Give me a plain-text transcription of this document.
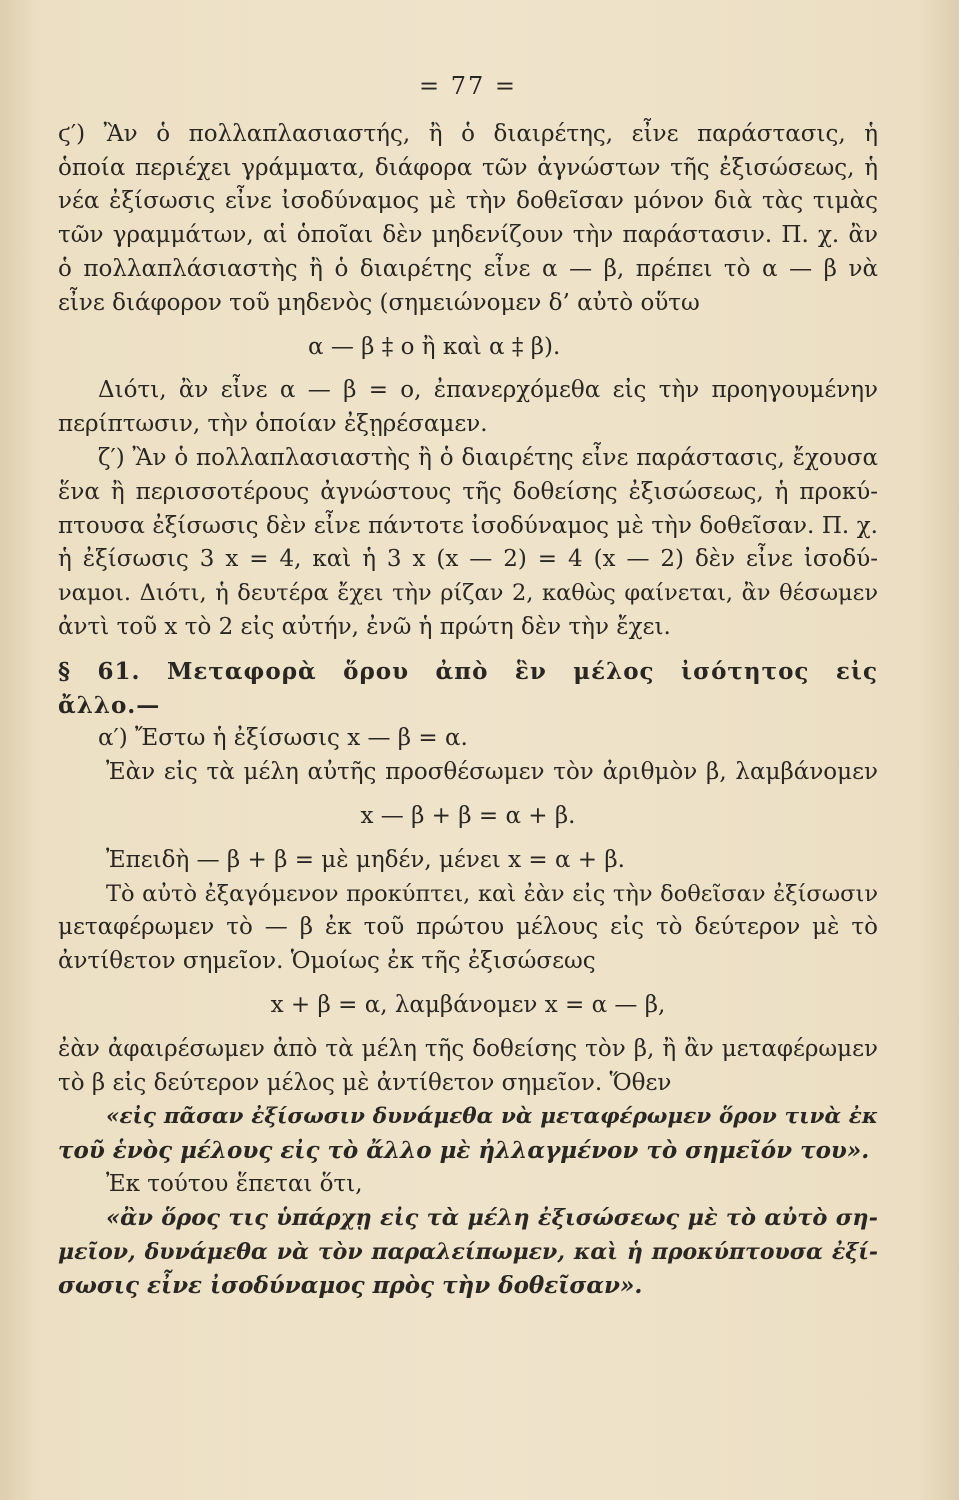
= 77 =
ϛ′) Ἂν ὁ πολλαπλασιαστής, ἢ ὁ διαιρέτης, εἶνε παράστασις, ἡ
ὁποία περιέχει γράμματα, διάφορα τῶν ἀγνώστων τῆς ἐξισώσεως, ἡ
νέα ἐξίσωσις εἶνε ἰσοδύναμος μὲ τὴν δοθεῖσαν μόνον διὰ τὰς τιμὰς
τῶν γραμμάτων, αἱ ὁποῖαι δὲν μηδενίζουν τὴν παράστασιν. Π. χ. ἂν
ὁ πολλαπλάσιαστὴς ἢ ὁ διαιρέτης εἶνε α — β, πρέπει τὸ α — β νὰ
εἶνε διάφορον τοῦ μηδενὸς (σημειώνομεν δ’ αὐτὸ οὕτω
α — β ‡ ο ἢ καὶ α ‡ β).
Διότι, ἂν εἶνε α — β = ο, ἐπανερχόμεθα εἰς τὴν προηγουμένην
περίπτωσιν, τὴν ὁποίαν ἐξῃρέσαμεν.
ζ′) Ἂν ὁ πολλαπλασιαστὴς ἢ ὁ διαιρέτης εἶνε παράστασις, ἔχουσα
ἕνα ἢ περισσοτέρους ἀγνώστους τῆς δοθείσης ἐξισώσεως, ἡ προκύ-
πτουσα ἐξίσωσις δὲν εἶνε πάντοτε ἰσοδύναμος μὲ τὴν δοθεῖσαν. Π. χ.
ἡ ἐξίσωσις 3 x = 4, καὶ ἡ 3 x (x — 2) = 4 (x — 2) δὲν εἶνε ἰσοδύ-
ναμοι. Διότι, ἡ δευτέρα ἔχει τὴν ρίζαν 2, καθὼς φαίνεται, ἂν θέσωμεν
ἀντὶ τοῦ x τὸ 2 εἰς αὐτήν, ἐνῶ ἡ πρώτη δὲν τὴν ἔχει.
§ 61. Μεταφορὰ ὅρου ἀπὸ ἓν μέλος ἰσότητος εἰς
ἄλλο.—
α′) Ἔστω ἡ ἐξίσωσις x — β = α.
Ἐὰν εἰς τὰ μέλη αὐτῆς προσθέσωμεν τὸν ἀριθμὸν β, λαμβάνομεν
x — β + β = α + β.
Ἐπειδὴ — β + β = μὲ μηδέν, μένει x = α + β.
Τὸ αὐτὸ ἐξαγόμενον προκύπτει, καὶ ἐὰν εἰς τὴν δοθεῖσαν ἐξίσωσιν
μεταφέρωμεν τὸ — β ἐκ τοῦ πρώτου μέλους εἰς τὸ δεύτερον μὲ τὸ
ἀντίθετον σημεῖον. Ὁμοίως ἐκ τῆς ἐξισώσεως
x + β = α, λαμβάνομεν x = α — β,
ἐὰν ἀφαιρέσωμεν ἀπὸ τὰ μέλη τῆς δοθείσης τὸν β, ἢ ἂν μεταφέρωμεν
τὸ β εἰς δεύτερον μέλος μὲ ἀντίθετον σημεῖον. Ὅθεν
«εἰς πᾶσαν ἐξίσωσιν δυνάμεθα νὰ μεταφέρωμεν ὅρον τινὰ ἐκ
τοῦ ἑνὸς μέλους εἰς τὸ ἄλλο μὲ ἠλλαγμένον τὸ σημεῖόν του».
Ἐκ τούτου ἕπεται ὅτι,
«ἂν ὅρος τις ὑπάρχῃ εἰς τὰ μέλη ἐξισώσεως μὲ τὸ αὐτὸ ση-
μεῖον, δυνάμεθα νὰ τὸν παραλείπωμεν, καὶ ἡ προκύπτουσα ἐξί-
σωσις εἶνε ἰσοδύναμος πρὸς τὴν δοθεῖσαν».
